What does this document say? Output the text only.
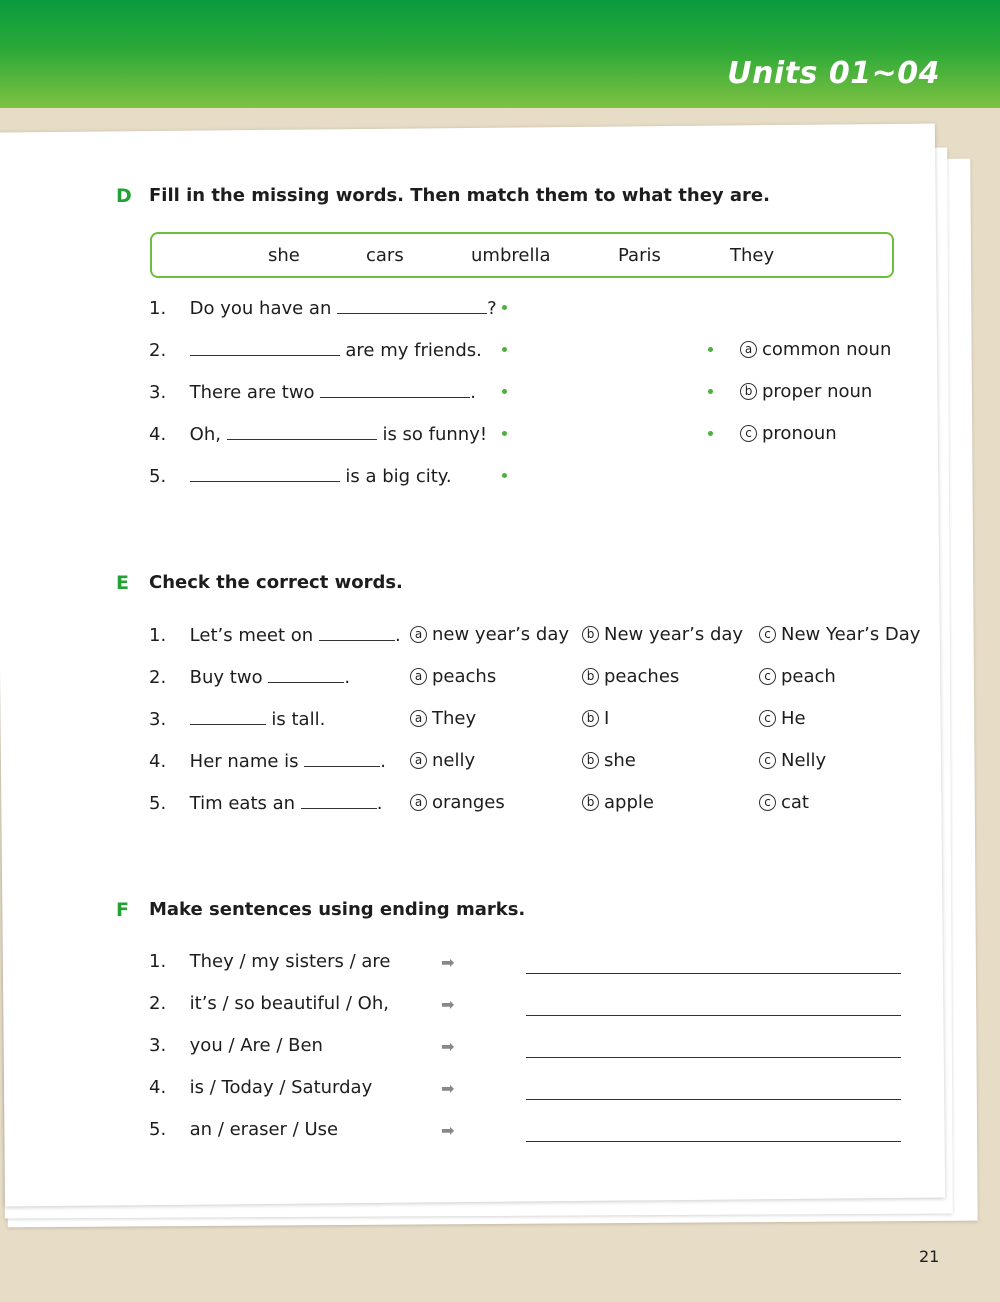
Units 01~04
D Fill in the missing words. Then match them to what they are.
she	cars	umbrella	Paris	They
1. Do you have an	?
2.	are my friends.
3. There are two	.
4. Oh,	is so funny!
5.	is a big city.
a common noun
b proper noun
c pronoun
E Check the correct words.
1. Let’s meet on	.	a new year’s day	b New year’s day	c New Year’s Day
2. Buy two	.	a peachs	b peaches	c peach
3.	is tall.	a They	b I	c He
4. Her name is	.	a nelly	b she	c Nelly
5. Tim eats an	.	a oranges	b apple	c cat
F Make sentences using ending marks.
1. They / my sisters / are	➡
2. it’s / so beautiful / Oh,	➡
3. you / Are / Ben	➡
4. is / Today / Saturday	➡
5. an / eraser / Use	➡
21
